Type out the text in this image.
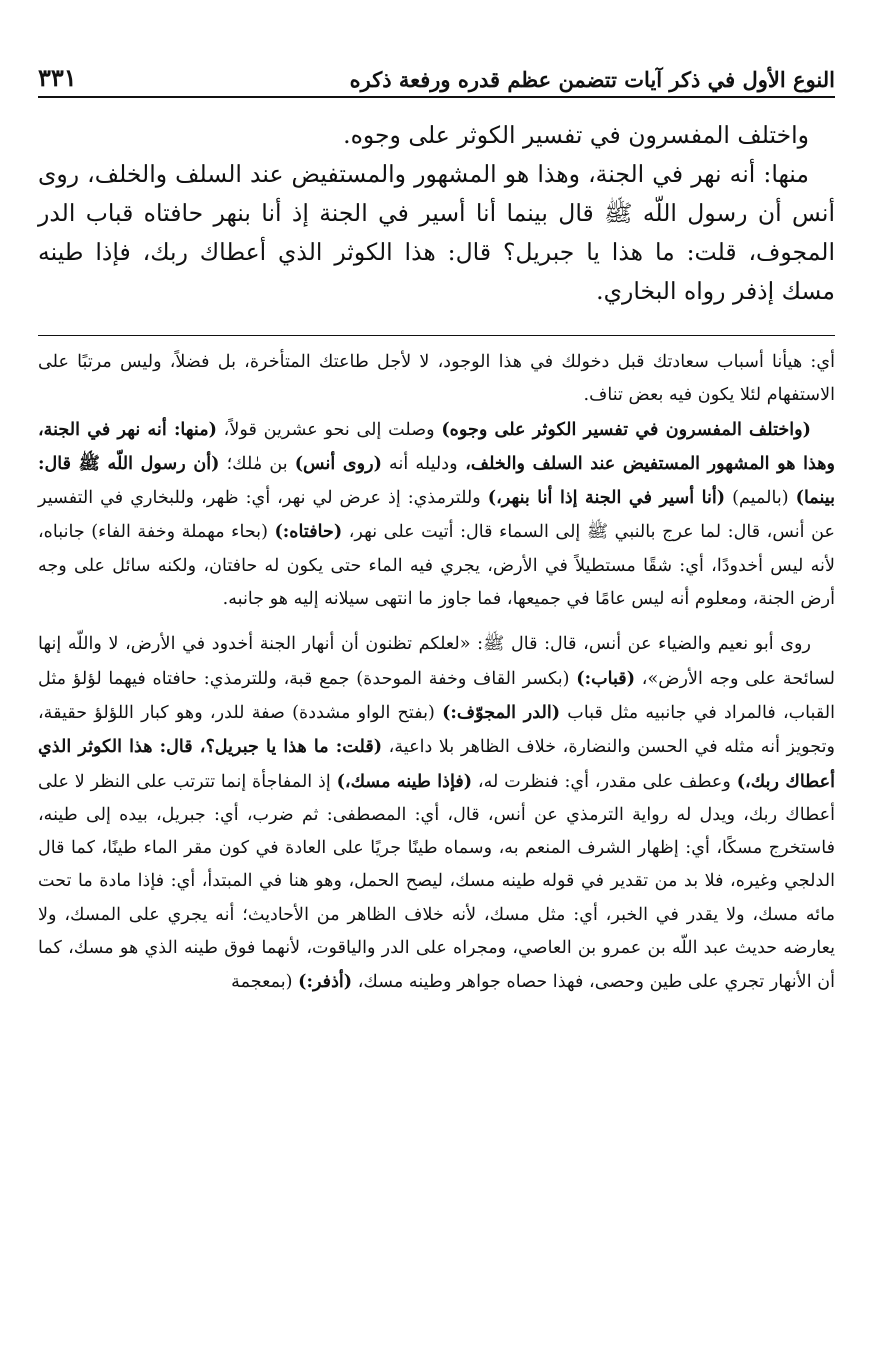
النوع الأول في ذكر آيات تتضمن عظم قدره ورفعة ذكره
٣٣١

واختلف المفسرون في تفسير الكوثر على وجوه.

منها: أنه نهر في الجنة، وهذا هو المشهور والمستفيض عند السلف والخلف، روى أنس أن رسول اللّه ﷺ قال بينما أنا أسير في الجنة إذ أنا بنهر حافتاه قباب الدر المجوف، قلت: ما هذا يا جبريل؟ قال: هذا الكوثر الذي أعطاك ربك، فإذا طينه مسك إذفر رواه البخاري.

أي: هيأنا أسباب سعادتك قبل دخولك في هذا الوجود، لا لأجل طاعتك المتأخرة، بل فضلاً، وليس مرتبًا على الاستفهام لئلا يكون فيه بعض تناف.

(واختلف المفسرون في تفسير الكوثر على وجوه) وصلت إلى نحو عشرين قولاً، (منها: أنه نهر في الجنة، وهذا هو المشهور المستفيض عند السلف والخلف، ودليله أنه (روى أنس) بن مٰلك؛ (أن رسول اللّه ﷺ قال: بينما) (بالميم) (أنا أسير في الجنة إذا أنا بنهر،) وللترمذي: إذ عرض لي نهر، أي: ظهر، وللبخاري في التفسير عن أنس، قال: لما عرج بالنبي ﷺ إلى السماء قال: أتيت على نهر، (حافتاه:) (بحاء مهملة وخفة الفاء) جانباه، لأنه ليس أخدودًا، أي: شقًا مستطيلاً في الأرض، يجري فيه الماء حتى يكون له حافتان، ولكنه سائل على وجه أرض الجنة، ومعلوم أنه ليس عامًا في جميعها، فما جاوز ما انتهى سيلانه إليه هو جانبه.

روى أبو نعيم والضياء عن أنس، قال: قال ﷺ: «لعلكم تظنون أن أنهار الجنة أخدود في الأرض، لا واللّه إنها لسائحة على وجه الأرض»، (قباب:) (بكسر القاف وخفة الموحدة) جمع قبة، وللترمذي: حافتاه فيهما لؤلؤ مثل القباب، فالمراد في جانبيه مثل قباب (الدر المجوّف:) (بفتح الواو مشددة) صفة للدر، وهو كبار اللؤلؤ حقيقة، وتجويز أنه مثله في الحسن والنضارة، خلاف الظاهر بلا داعية، (قلت: ما هذا يا جبريل؟، قال: هذا الكوثر الذي أعطاك ربك،) وعطف على مقدر، أي: فنظرت له، (فإذا طينه مسك،) إذ المفاجأة إنما تترتب على النظر لا على أعطاك ربك، ويدل له رواية الترمذي عن أنس، قال، أي: المصطفى: ثم ضرب، أي: جبريل، بيده إلى طينه، فاستخرج مسكًا، أي: إظهار الشرف المنعم به، وسماه طينًا جريًا على العادة في كون مقر الماء طينًا، كما قال الدلجي وغيره، فلا بد من تقدير في قوله طينه مسك، ليصح الحمل، وهو هنا في المبتدأ، أي: فإذا مادة ما تحت مائه مسك، ولا يقدر في الخبر، أي: مثل مسك، لأنه خلاف الظاهر من الأحاديث؛ أنه يجري على المسك، ولا يعارضه حديث عبد اللّه بن عمرو بن العاصي، ومجراه على الدر والياقوت، لأنهما فوق طينه الذي هو مسك، كما أن الأنهار تجري على طين وحصى، فهذا حصاه جواهر وطينه مسك، (أذفر:) (بمعجمة
